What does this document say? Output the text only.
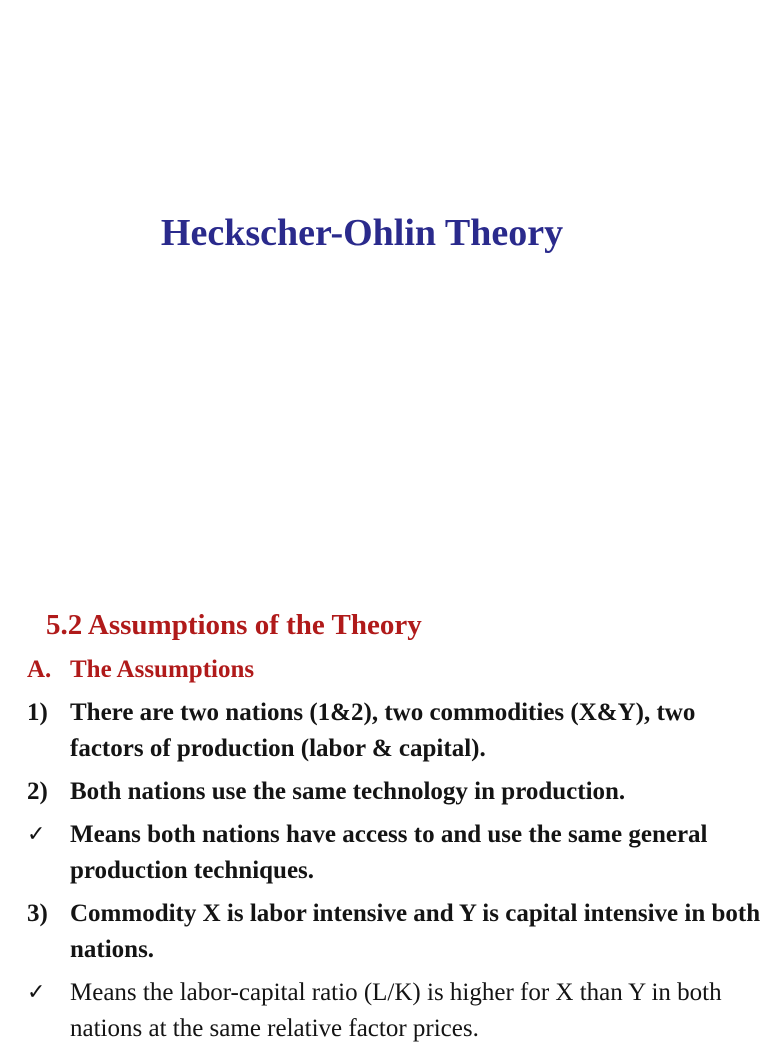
Heckscher-Ohlin Theory
5.2 Assumptions of the Theory
A. The Assumptions
1) There are two nations (1&2), two commodities (X&Y), two factors of production (labor & capital).
2) Both nations use the same technology in production.
✓ Means both nations have access to and use the same general production techniques.
3) Commodity X is labor intensive and Y is capital intensive in both nations.
✓ Means the labor-capital ratio (L/K) is higher for X than Y in both nations at the same relative factor prices.
